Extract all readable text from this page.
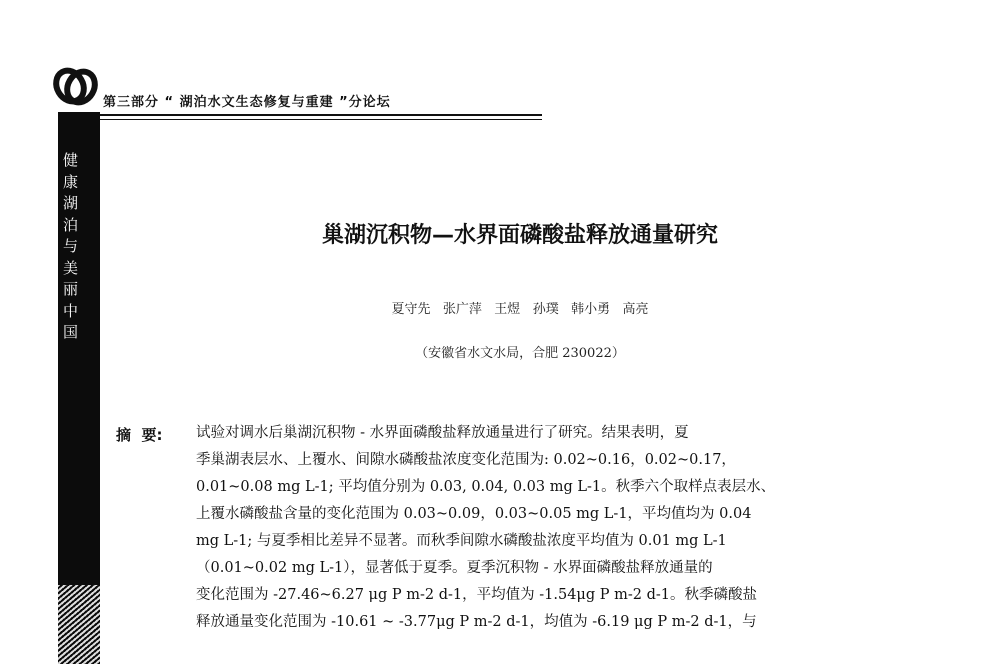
第三部分 “ 湖泊水文生态修复与重建 ”分论坛
健康湖泊与美丽中国
巢湖沉积物—水界面磷酸盐释放通量研究
夏守先   张广萍   王煜   孙璞   韩小勇   高亮
（安徽省水文水局，合肥 230022）
摘  要: 试验对调水后巢湖沉积物 - 水界面磷酸盐释放通量进行了研究。结果表明，夏
季巢湖表层水、上覆水、间隙水磷酸盐浓度变化范围为: 0.02~0.16，0.02~0.17，
0.01~0.08 mg L-1; 平均值分别为 0.03, 0.04, 0.03 mg L-1。秋季六个取样点表层水、
上覆水磷酸盐含量的变化范围为 0.03~0.09，0.03~0.05 mg L-1，平均值均为 0.04
mg L-1; 与夏季相比差异不显著。而秋季间隙水磷酸盐浓度平均值为 0.01 mg L-1
（0.01~0.02 mg L-1），显著低于夏季。夏季沉积物 - 水界面磷酸盐释放通量的
变化范围为 -27.46~6.27 μg P m-2 d-1，平均值为 -1.54μg P m-2 d-1。秋季磷酸盐
释放通量变化范围为 -10.61 ~ -3.77μg P m-2 d-1，均值为 -6.19 μg P m-2 d-1，与
